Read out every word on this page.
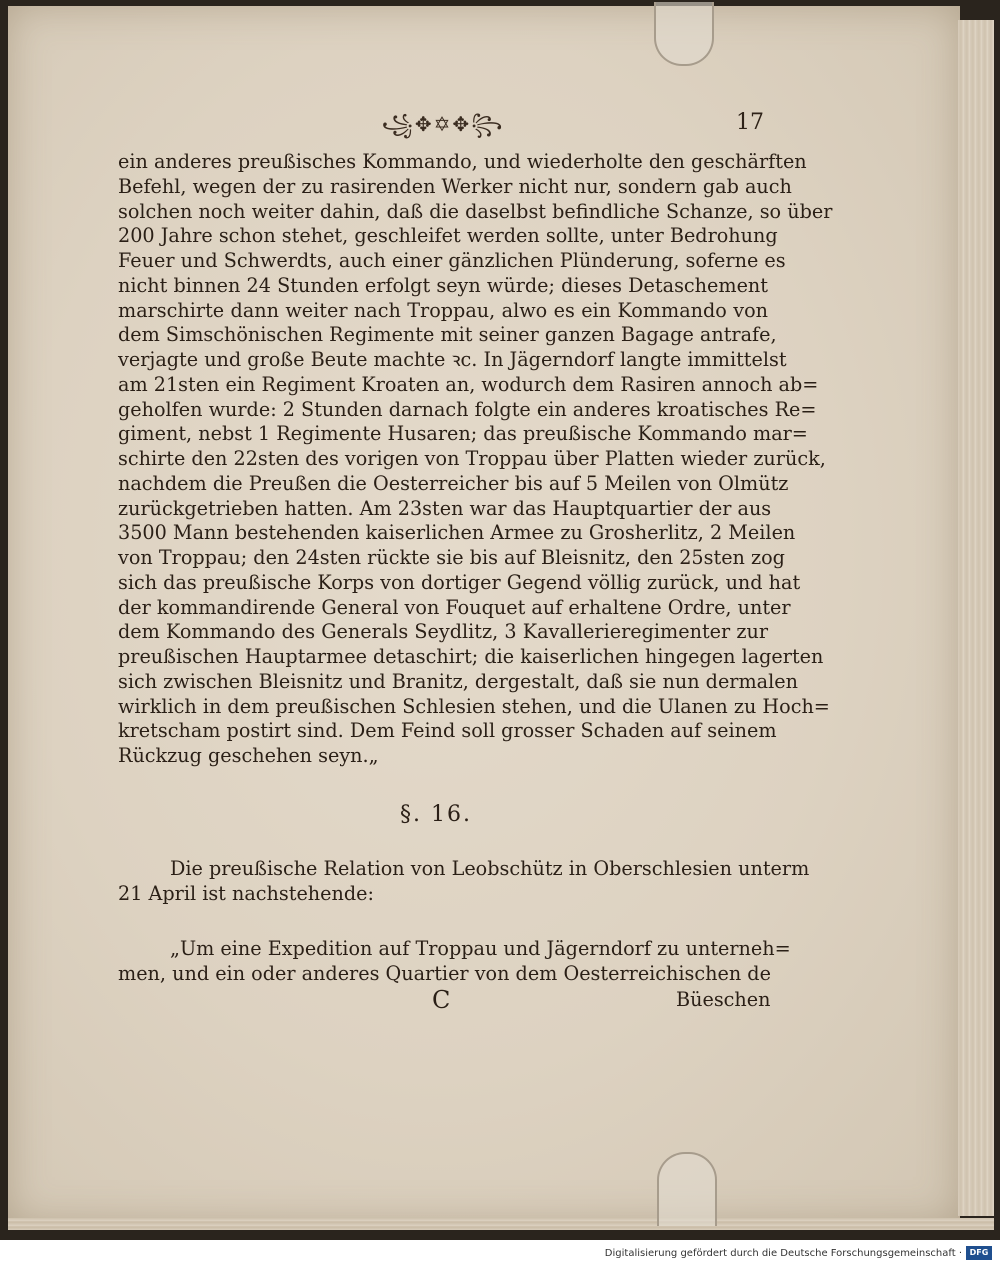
꧁✥✡✥꧂	17
ein anderes preußisches Kommando, und wiederholte den geschärften
Befehl, wegen der zu rasirenden Werker nicht nur, sondern gab auch
solchen noch weiter dahin, daß die daselbst befindliche Schanze, so über
200 Jahre schon stehet, geschleifet werden sollte, unter Bedrohung
Feuer und Schwerdts, auch einer gänzlichen Plünderung, soferne es
nicht binnen 24 Stunden erfolgt seyn würde; dieses Detaschement
marschirte dann weiter nach Troppau, alwo es ein Kommando von
dem Simschönischen Regimente mit seiner ganzen Bagage antrafe,
verjagte und große Beute machte ꝛc. In Jägerndorf langte immittelst
am 21sten ein Regiment Kroaten an, wodurch dem Rasiren annoch ab=
geholfen wurde: 2 Stunden darnach folgte ein anderes kroatisches Re=
giment, nebst 1 Regimente Husaren; das preußische Kommando mar=
schirte den 22sten des vorigen von Troppau über Platten wieder zurück,
nachdem die Preußen die Oesterreicher bis auf 5 Meilen von Olmütz
zurückgetrieben hatten. Am 23sten war das Hauptquartier der aus
3500 Mann bestehenden kaiserlichen Armee zu Grosherlitz, 2 Meilen
von Troppau; den 24sten rückte sie bis auf Bleisnitz, den 25sten zog
sich das preußische Korps von dortiger Gegend völlig zurück, und hat
der kommandirende General von Fouquet auf erhaltene Ordre, unter
dem Kommando des Generals Seydlitz, 3 Kavallerieregimenter zur
preußischen Hauptarmee detaschirt; die kaiserlichen hingegen lagerten
sich zwischen Bleisnitz und Branitz, dergestalt, daß sie nun dermalen
wirklich in dem preußischen Schlesien stehen, und die Ulanen zu Hoch=
kretscham postirt sind. Dem Feind soll grosser Schaden auf seinem
Rückzug geschehen seyn.„
§. 16.
Die preußische Relation von Leobschütz in Oberschlesien unterm
21 April ist nachstehende:
„Um eine Expedition auf Troppau und Jägerndorf zu unterneh=
men, und ein oder anderes Quartier von dem Oesterreichischen de
C	Büeschen
Digitalisierung gefördert durch die Deutsche Forschungsgemeinschaft · DFG
